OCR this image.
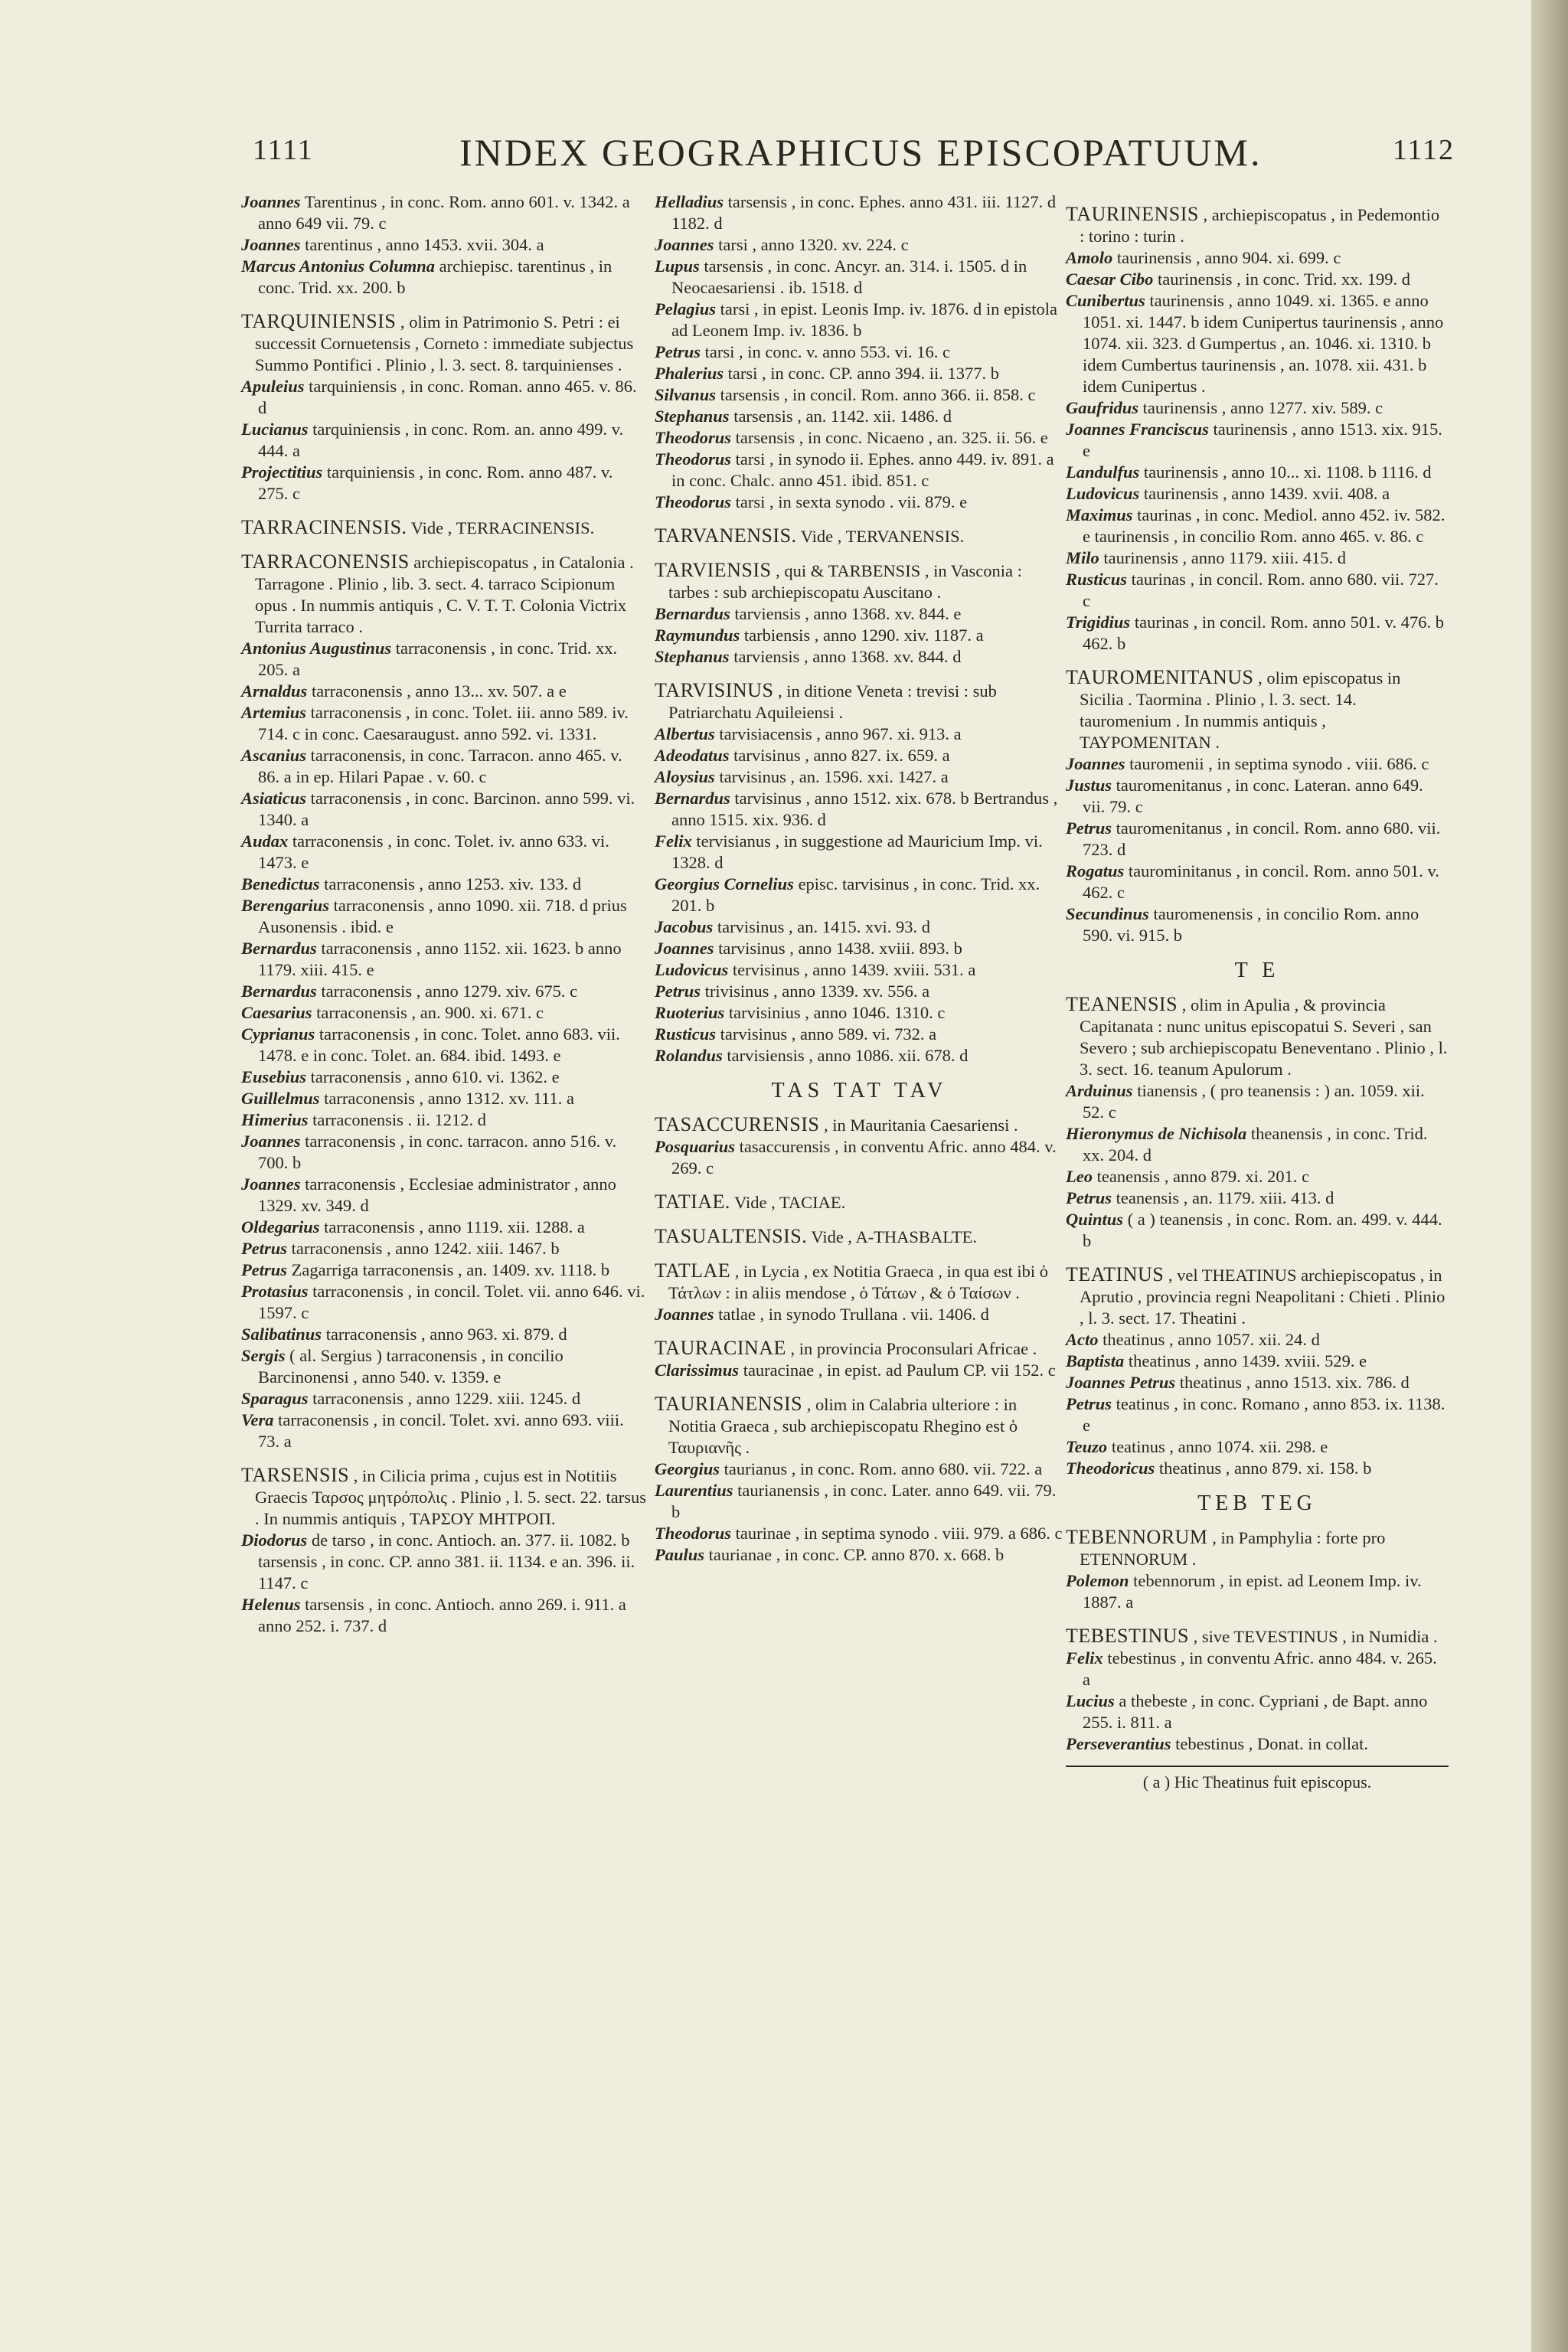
1111	INDEX GEOGRAPHICUS EPISCOPATUUM.	1112
Joannes Tarentinus , in conc. Rom. anno 601. v. 1342. a anno 649 vii. 79. c
Joannes tarentinus , anno 1453. xvii. 304. a
Marcus Antonius Columna archiepisc. tarentinus , in conc. Trid. xx. 200. b
TARQUINIENSIS , olim in Patrimonio S. Petri : ei successit Cornuetensis , Corneto : immediate subjectus Summo Pontifici . Plinio , l. 3. sect. 8. tarquinienses .
Apuleius tarquiniensis , in conc. Roman. anno 465. v. 86. d
Lucianus tarquiniensis , in conc. Rom. an. anno 499. v. 444. a
Projectitius tarquiniensis , in conc. Rom. anno 487. v. 275. c
TARRACINENSIS. Vide , TERRACINENSIS.
TARRACONENSIS archiepiscopatus , in Catalonia . Tarragone . Plinio , lib. 3. sect. 4. tarraco Scipionum opus . In nummis antiquis , C. V. T. T. Colonia Victrix Turrita tarraco .
Antonius Augustinus tarraconensis , in conc. Trid. xx. 205. a
Arnaldus tarraconensis , anno 13... xv. 507. a e
Artemius tarraconensis , in conc. Tolet. iii. anno 589. iv. 714. c in conc. Caesaraugust. anno 592. vi. 1331.
Ascanius tarraconensis, in conc. Tarracon. anno 465. v. 86. a in ep. Hilari Papae . v. 60. c
Asiaticus tarraconensis , in conc. Barcinon. anno 599. vi. 1340. a
Audax tarraconensis , in conc. Tolet. iv. anno 633. vi. 1473. e
Benedictus tarraconensis , anno 1253. xiv. 133. d
Berengarius tarraconensis , anno 1090. xii. 718. d prius Ausonensis . ibid. e
Bernardus tarraconensis , anno 1152. xii. 1623. b anno 1179. xiii. 415. e
Bernardus tarraconensis , anno 1279. xiv. 675. c
Caesarius tarraconensis , an. 900. xi. 671. c
Cyprianus tarraconensis , in conc. Tolet. anno 683. vii. 1478. e in conc. Tolet. an. 684. ibid. 1493. e
Eusebius tarraconensis , anno 610. vi. 1362. e
Guillelmus tarraconensis , anno 1312. xv. 111. a
Himerius tarraconensis . ii. 1212. d
Joannes tarraconensis , in conc. tarracon. anno 516. v. 700. b
Joannes tarraconensis , Ecclesiae administrator , anno 1329. xv. 349. d
Oldegarius tarraconensis , anno 1119. xii. 1288. a
Petrus tarraconensis , anno 1242. xiii. 1467. b
Petrus Zagarriga tarraconensis , an. 1409. xv. 1118. b
Protasius tarraconensis , in concil. Tolet. vii. anno 646. vi. 1597. c
Salibatinus tarraconensis , anno 963. xi. 879. d
Sergis ( al. Sergius ) tarraconensis , in concilio Barcinonensi , anno 540. v. 1359. e
Sparagus tarraconensis , anno 1229. xiii. 1245. d
Vera tarraconensis , in concil. Tolet. xvi. anno 693. viii. 73. a
TARSENSIS , in Cilicia prima , cujus est in Notitiis Graecis Ταρσος μητρόπολις . Plinio , l. 5. sect. 22. tarsus . In nummis antiquis , ΤΑΡΣΟΥ ΜΗΤΡΟΠ.
Diodorus de tarso , in conc. Antioch. an. 377. ii. 1082. b tarsensis , in conc. CP. anno 381. ii. 1134. e an. 396. ii. 1147. c
Helenus tarsensis , in conc. Antioch. anno 269. i. 911. a anno 252. i. 737. d
Helladius tarsensis , in conc. Ephes. anno 431. iii. 1127. d 1182. d
Joannes tarsi , anno 1320. xv. 224. c
Lupus tarsensis , in conc. Ancyr. an. 314. i. 1505. d in Neocaesariensi . ib. 1518. d
Pelagius tarsi , in epist. Leonis Imp. iv. 1876. d in epistola ad Leonem Imp. iv. 1836. b
Petrus tarsi , in conc. v. anno 553. vi. 16. c
Phalerius tarsi , in conc. CP. anno 394. ii. 1377. b
Silvanus tarsensis , in concil. Rom. anno 366. ii. 858. c
Stephanus tarsensis , an. 1142. xii. 1486. d
Theodorus tarsensis , in conc. Nicaeno , an. 325. ii. 56. e
Theodorus tarsi , in synodo ii. Ephes. anno 449. iv. 891. a in conc. Chalc. anno 451. ibid. 851. c
Theodorus tarsi , in sexta synodo . vii. 879. e
TARVANENSIS. Vide , TERVANENSIS.
TARVIENSIS , qui & TARBENSIS , in Vasconia : tarbes : sub archiepiscopatu Auscitano .
Bernardus tarviensis , anno 1368. xv. 844. e
Raymundus tarbiensis , anno 1290. xiv. 1187. a
Stephanus tarviensis , anno 1368. xv. 844. d
TARVISINUS , in ditione Veneta : trevisi : sub Patriarchatu Aquileiensi .
Albertus tarvisiacensis , anno 967. xi. 913. a
Adeodatus tarvisinus , anno 827. ix. 659. a
Aloysius tarvisinus , an. 1596. xxi. 1427. a
Bernardus tarvisinus , anno 1512. xix. 678. b Bertrandus , anno 1515. xix. 936. d
Felix tervisianus , in suggestione ad Mauricium Imp. vi. 1328. d
Georgius Cornelius episc. tarvisinus , in conc. Trid. xx. 201. b
Jacobus tarvisinus , an. 1415. xvi. 93. d
Joannes tarvisinus , anno 1438. xviii. 893. b
Ludovicus tervisinus , anno 1439. xviii. 531. a
Petrus trivisinus , anno 1339. xv. 556. a
Ruoterius tarvisinius , anno 1046. 1310. c
Rusticus tarvisinus , anno 589. vi. 732. a
Rolandus tarvisiensis , anno 1086. xii. 678. d
TAS TAT TAV
TASACCURENSIS , in Mauritania Caesariensi .
Posquarius tasaccurensis , in conventu Afric. anno 484. v. 269. c
TATIAE. Vide , TACIAE.
TASUALTENSIS. Vide , A-THASBALTE.
TATLAE , in Lycia , ex Notitia Graeca , in qua est ibi ὁ Τάτλων : in aliis mendose , ὁ Τάτων , & ὁ Ταίσων .
Joannes tatlae , in synodo Trullana . vii. 1406. d
TAURACINAE , in provincia Proconsulari Africae .
Clarissimus tauracinae , in epist. ad Paulum CP. vii 152. c
TAURIANENSIS , olim in Calabria ulteriore : in Notitia Graeca , sub archiepiscopatu Rhegino est ὁ Ταυριανῆς .
Georgius taurianus , in conc. Rom. anno 680. vii. 722. a
Laurentius taurianensis , in conc. Later. anno 649. vii. 79. b
Theodorus taurinae , in septima synodo . viii. 979. a 686. c
Paulus taurianae , in conc. CP. anno 870. x. 668. b
TAURINENSIS , archiepiscopatus , in Pedemontio : torino : turin .
Amolo taurinensis , anno 904. xi. 699. c
Caesar Cibo taurinensis , in conc. Trid. xx. 199. d
Cunibertus taurinensis , anno 1049. xi. 1365. e anno 1051. xi. 1447. b idem Cunipertus taurinensis , anno 1074. xii. 323. d Gumpertus , an. 1046. xi. 1310. b idem Cumbertus taurinensis , an. 1078. xii. 431. b idem Cunipertus .
Gaufridus taurinensis , anno 1277. xiv. 589. c
Joannes Franciscus taurinensis , anno 1513. xix. 915. e
Landulfus taurinensis , anno 10... xi. 1108. b 1116. d
Ludovicus taurinensis , anno 1439. xvii. 408. a
Maximus taurinas , in conc. Mediol. anno 452. iv. 582. e taurinensis , in concilio Rom. anno 465. v. 86. c
Milo taurinensis , anno 1179. xiii. 415. d
Rusticus taurinas , in concil. Rom. anno 680. vii. 727. c
Trigidius taurinas , in concil. Rom. anno 501. v. 476. b 462. b
TAUROMENITANUS , olim episcopatus in Sicilia . Taormina . Plinio , l. 3. sect. 14. tauromenium . In nummis antiquis , ΤΑΥΡΟΜΕΝΙΤΑΝ .
Joannes tauromenii , in septima synodo . viii. 686. c
Justus tauromenitanus , in conc. Lateran. anno 649. vii. 79. c
Petrus tauromenitanus , in concil. Rom. anno 680. vii. 723. d
Rogatus taurominitanus , in concil. Rom. anno 501. v. 462. c
Secundinus tauromenensis , in concilio Rom. anno 590. vi. 915. b
T E
TEANENSIS , olim in Apulia , & provincia Capitanata : nunc unitus episcopatui S. Severi , san Severo ; sub archiepiscopatu Beneventano . Plinio , l. 3. sect. 16. teanum Apulorum .
Arduinus tianensis , ( pro teanensis : ) an. 1059. xii. 52. c
Hieronymus de Nichisola theanensis , in conc. Trid. xx. 204. d
Leo teanensis , anno 879. xi. 201. c
Petrus teanensis , an. 1179. xiii. 413. d
Quintus ( a ) teanensis , in conc. Rom. an. 499. v. 444. b
TEATINUS , vel THEATINUS archiepiscopatus , in Aprutio , provincia regni Neapolitani : Chieti . Plinio , l. 3. sect. 17. Theatini .
Acto theatinus , anno 1057. xii. 24. d
Baptista theatinus , anno 1439. xviii. 529. e
Joannes Petrus theatinus , anno 1513. xix. 786. d
Petrus teatinus , in conc. Romano , anno 853. ix. 1138. e
Teuzo teatinus , anno 1074. xii. 298. e
Theodoricus theatinus , anno 879. xi. 158. b
TEB TEG
TEBENNORUM , in Pamphylia : forte pro ETENNORUM .
Polemon tebennorum , in epist. ad Leonem Imp. iv. 1887. a
TEBESTINUS , sive TEVESTINUS , in Numidia .
Felix tebestinus , in conventu Afric. anno 484. v. 265. a
Lucius a thebeste , in conc. Cypriani , de Bapt. anno 255. i. 811. a
Perseverantius tebestinus , Donat. in collat.
( a ) Hic Theatinus fuit episcopus.
